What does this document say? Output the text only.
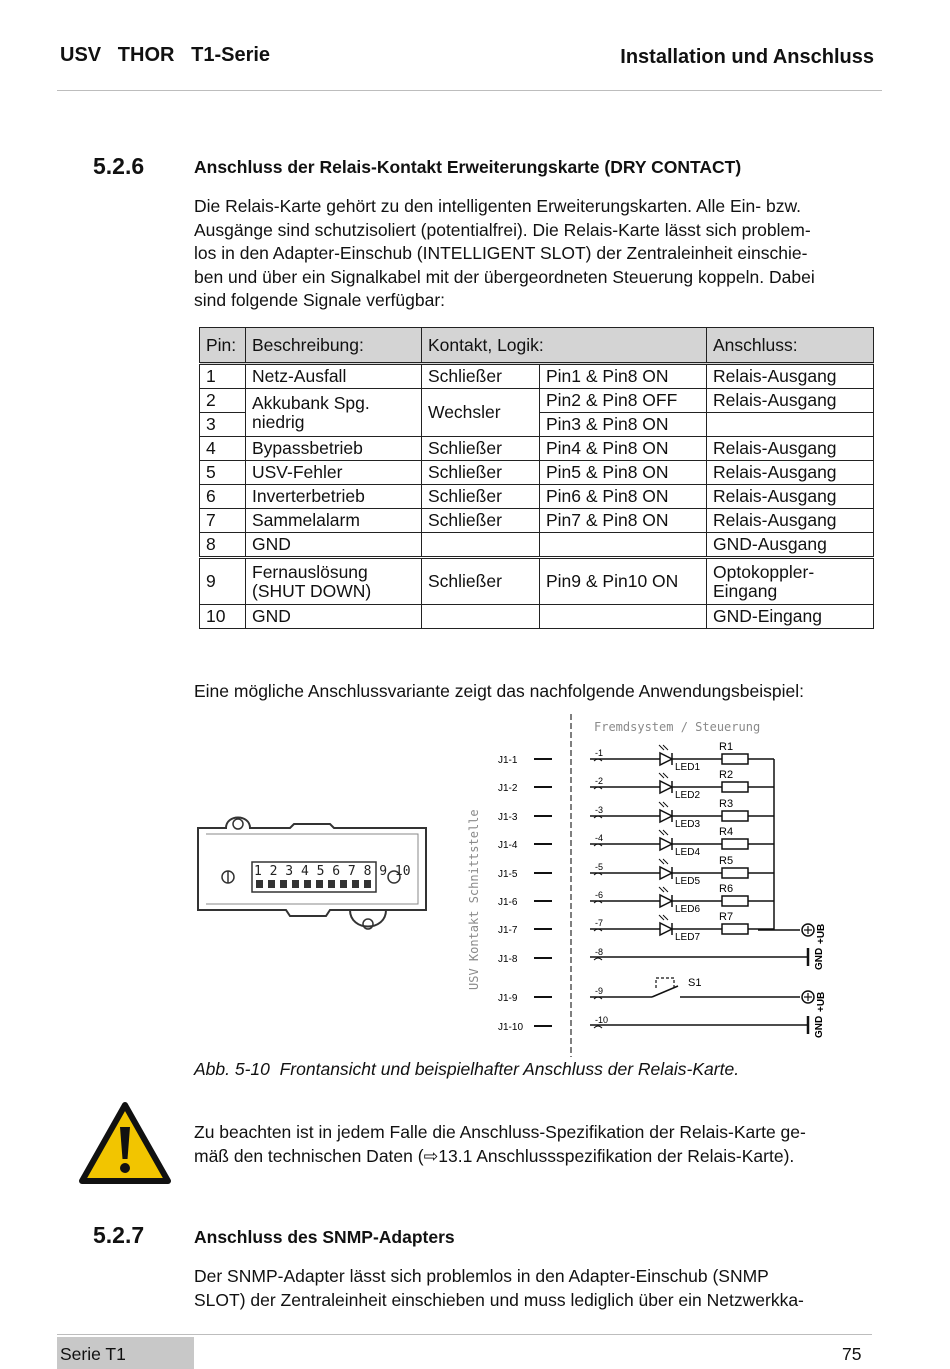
USV   THOR   T1-Serie	Installation und Anschluss
5.2.6	Anschluss der Relais-Kontakt Erweiterungskarte (DRY CONTACT)
Die Relais-Karte gehört zu den intelligenten Erweiterungskarten. Alle Ein- bzw.
Ausgänge sind schutzisoliert (potentialfrei). Die Relais-Karte lässt sich problem-
los in den Adapter-Einschub (INTELLIGENT SLOT) der Zentraleinheit einschie-
ben und über ein Signalkabel mit der übergeordneten Steuerung koppeln. Dabei
sind folgende Signale verfügbar:
Pin:	Beschreibung:	Kontakt, Logik:		Anschluss:
1	Netz-Ausfall	Schließer	Pin1 & Pin8 ON	Relais-Ausgang
2	Akkubank Spg. niedrig	Wechsler	Pin2 & Pin8 OFF	Relais-Ausgang
3			Pin3 & Pin8 ON	
4	Bypassbetrieb	Schließer	Pin4 & Pin8 ON	Relais-Ausgang
5	USV-Fehler	Schließer	Pin5 & Pin8 ON	Relais-Ausgang
6	Inverterbetrieb	Schließer	Pin6 & Pin8 ON	Relais-Ausgang
7	Sammelalarm	Schließer	Pin7 & Pin8 ON	Relais-Ausgang
8	GND			GND-Ausgang
9	Fernauslösung (SHUT DOWN)	Schließer	Pin9 & Pin10 ON	Optokoppler-Eingang
10	GND			GND-Eingang
Eine mögliche Anschlussvariante zeigt das nachfolgende Anwendungsbeispiel:
1 2 3 4 5 6 7 8 9 10	USV Kontakt Schnittstelle
Fremdsystem / Steuerung
J1-1
-1
LED1
R1
J1-2
-2
LED2
R2
J1-3
-3
LED3
R3
J1-4
-4
LED4
R4
J1-5
-5
LED5
R5
J1-6
-6
LED6
R6
J1-7
-7
LED7
R7
J1-8
-8
J1-9
-9
J1-10
-10
+UB
GND
S1
+UB
GND
Abb. 5-10  Frontansicht und beispielhafter Anschluss der Relais-Karte.
Zu beachten ist in jedem Falle die Anschluss-Spezifikation der Relais-Karte ge-
mäß den technischen Daten (⇨13.1 Anschlussspezifikation der Relais-Karte).
5.2.7	Anschluss des SNMP-Adapters
Der SNMP-Adapter lässt sich problemlos in den Adapter-Einschub (SNMP
SLOT) der Zentraleinheit einschieben und muss lediglich über ein Netzwerkka-
Serie T1	75
